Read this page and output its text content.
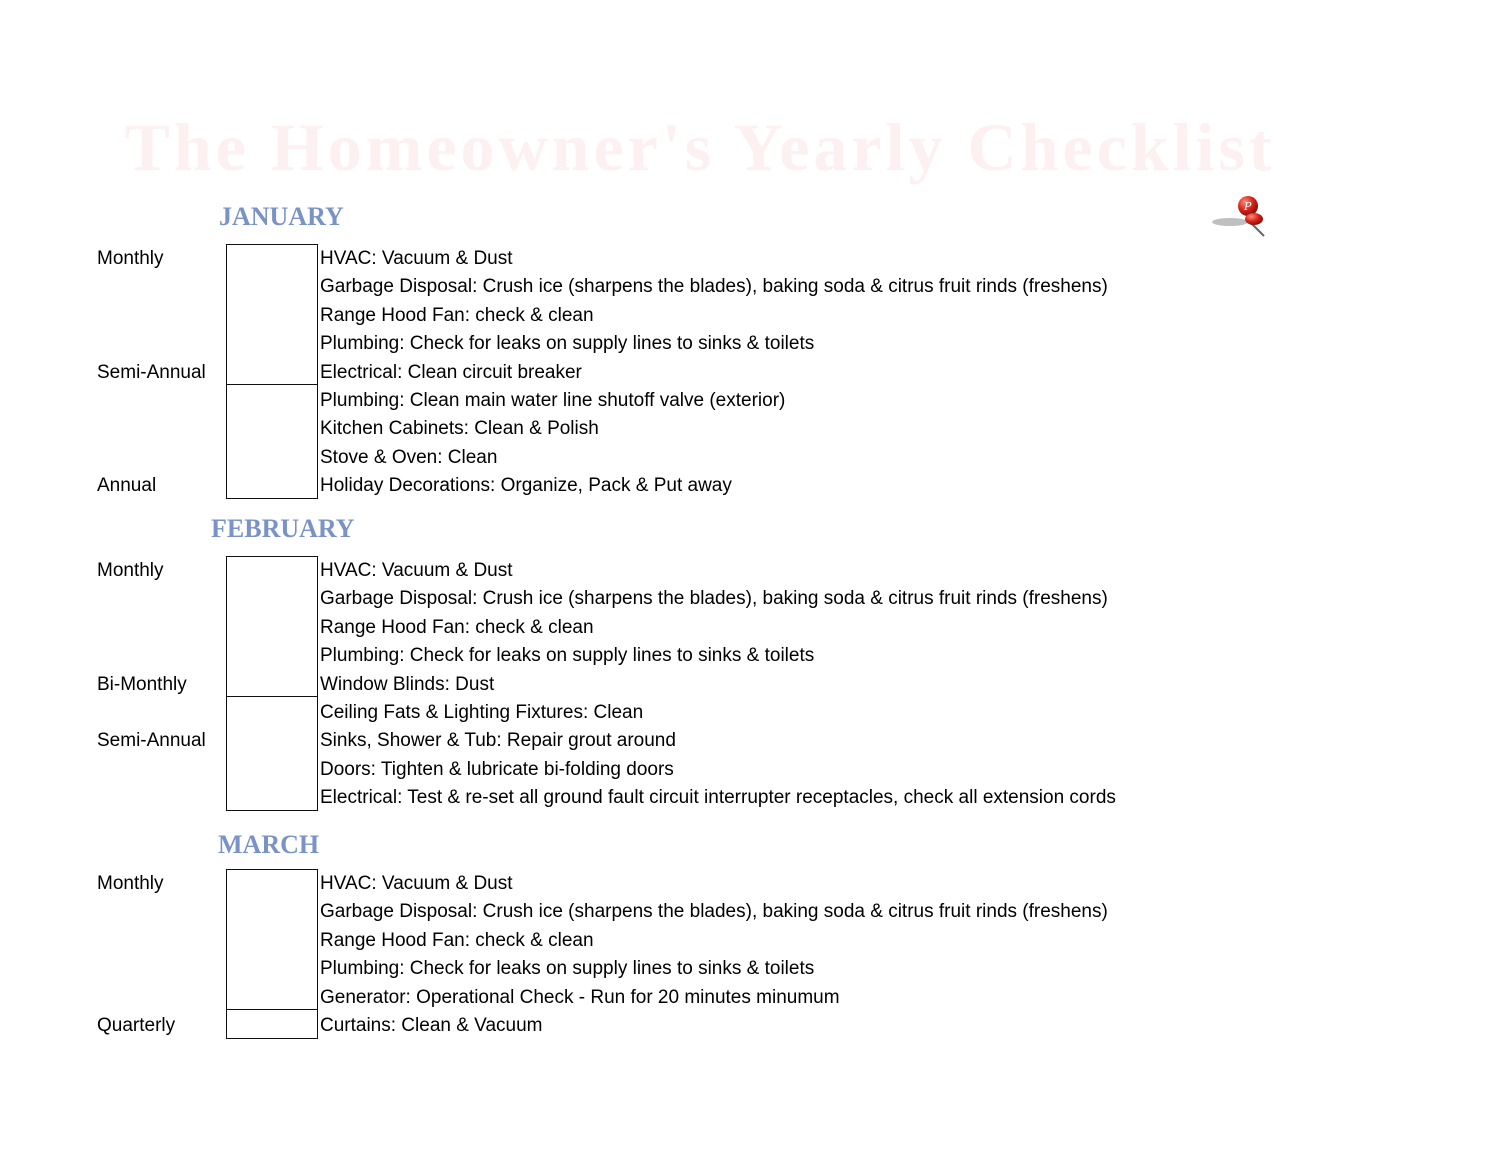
The Homeowner's Yearly Checklist
P
JANUARY
Monthly	HVAC: Vacuum & Dust
Garbage Disposal: Crush ice (sharpens the blades), baking soda & citrus fruit rinds (freshens)
Range Hood Fan: check & clean
Plumbing: Check for leaks on supply lines to sinks & toilets
Semi-Annual	Electrical: Clean circuit breaker
Plumbing: Clean main water line shutoff valve (exterior)
Kitchen Cabinets: Clean & Polish
Stove & Oven: Clean
Annual	Holiday Decorations: Organize, Pack & Put away
FEBRUARY
Monthly	HVAC: Vacuum & Dust
Garbage Disposal: Crush ice (sharpens the blades), baking soda & citrus fruit rinds (freshens)
Range Hood Fan: check & clean
Plumbing: Check for leaks on supply lines to sinks & toilets
Bi-Monthly	Window Blinds: Dust
Ceiling Fats & Lighting Fixtures: Clean
Semi-Annual	Sinks, Shower & Tub: Repair grout around
Doors: Tighten & lubricate bi-folding doors
Electrical: Test & re-set all ground fault circuit interrupter receptacles, check all extension cords
MARCH
Monthly	HVAC: Vacuum & Dust
Garbage Disposal: Crush ice (sharpens the blades), baking soda & citrus fruit rinds (freshens)
Range Hood Fan: check & clean
Plumbing: Check for leaks on supply lines to sinks & toilets
Generator: Operational Check - Run for 20 minutes minumum
Quarterly	Curtains: Clean & Vacuum
